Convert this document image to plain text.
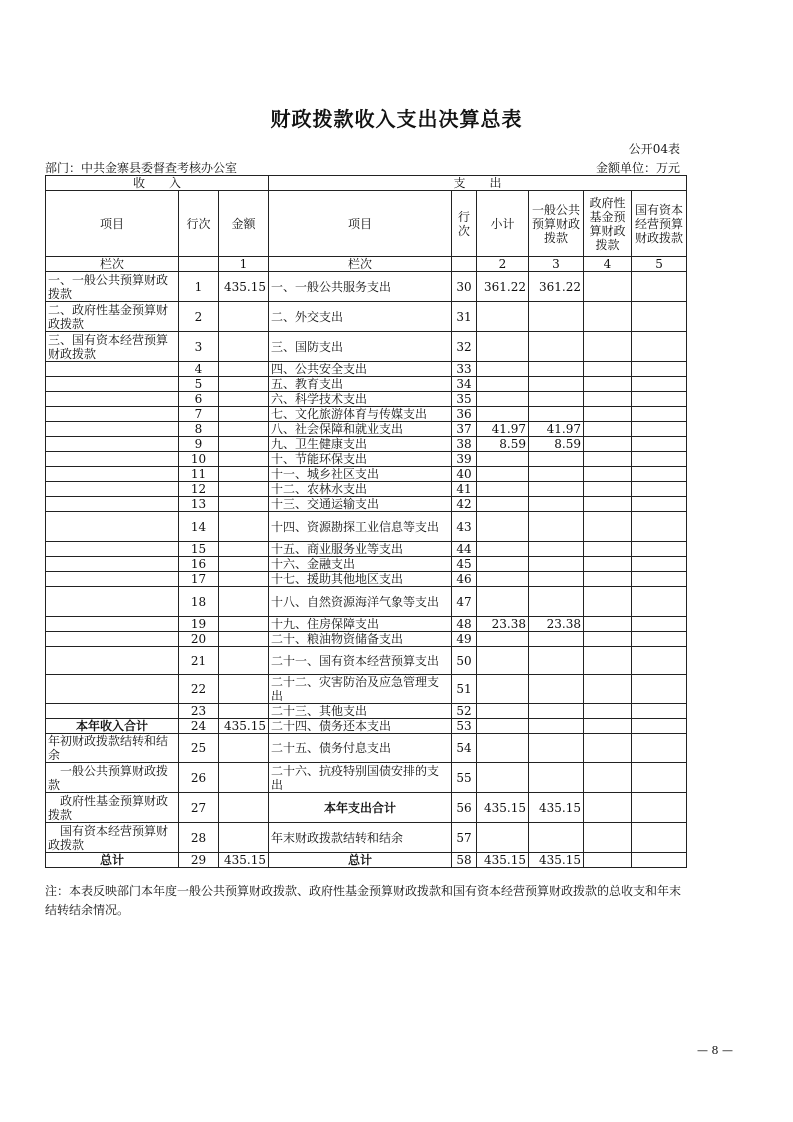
财政拨款收入支出决算总表
公开04表
部门：中共金寨县委督查考核办公室	金额单位：万元
收　　入			支　　出					
项目	行次	金额	项目	行次	小计	一般公共预算财政拨款	政府性基金预算财政拨款	国有资本经营预算财政拨款
栏次		1	栏次		2	3	4	5
一、一般公共预算财政拨款	1	435.15	一、一般公共服务支出	30	361.22	361.22		
二、政府性基金预算财政拨款	2		二、外交支出	31				
三、国有资本经营预算财政拨款	3		三、国防支出	32				
	4		四、公共安全支出	33				
	5		五、教育支出	34				
	6		六、科学技术支出	35				
	7		七、文化旅游体育与传媒支出	36				
	8		八、社会保障和就业支出	37	41.97	41.97		
	9		九、卫生健康支出	38	8.59	8.59		
	10		十、节能环保支出	39				
	11		十一、城乡社区支出	40				
	12		十二、农林水支出	41				
	13		十三、交通运输支出	42				
	14		十四、资源勘探工业信息等支出	43				
	15		十五、商业服务业等支出	44				
	16		十六、金融支出	45				
	17		十七、援助其他地区支出	46				
	18		十八、自然资源海洋气象等支出	47				
	19		十九、住房保障支出	48	23.38	23.38		
	20		二十、粮油物资储备支出	49				
	21		二十一、国有资本经营预算支出	50				
	22		二十二、灾害防治及应急管理支出	51				
	23		二十三、其他支出	52				
本年收入合计	24	435.15	二十四、债务还本支出	53				
年初财政拨款结转和结余	25		二十五、债务付息支出	54				
　一般公共预算财政拨款	26		二十六、抗疫特别国债安排的支出	55				
　政府性基金预算财政拨款	27		本年支出合计	56	435.15	435.15		
　国有资本经营预算财政拨款	28		年末财政拨款结转和结余	57				
总计	29	435.15	总计	58	435.15	435.15		
注：本表反映部门本年度一般公共预算财政拨款、政府性基金预算财政拨款和国有资本经营预算财政拨款的总收支和年末结转结余情况。
— 8 —
